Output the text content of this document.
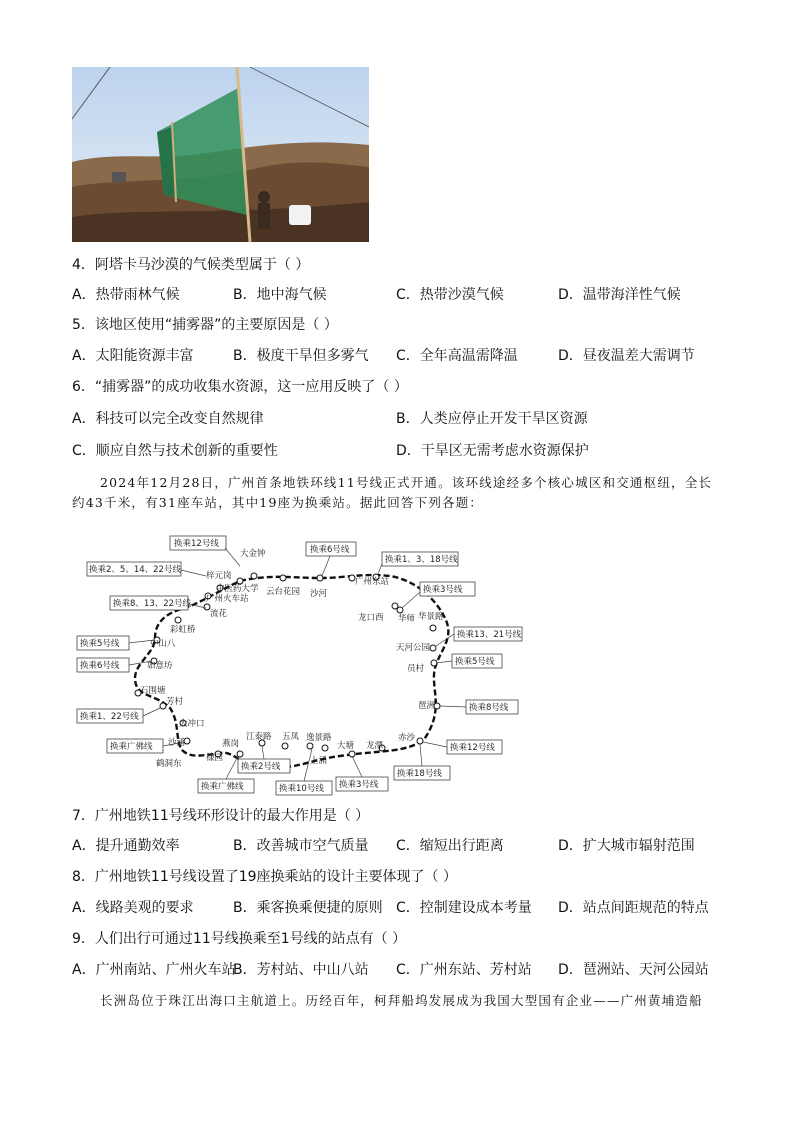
4．阿塔卡马沙漠的气候类型属于（ ）
A．热带雨林气候	B．地中海气候	C．热带沙漠气候	D．温带海洋性气候
5．该地区使用“捕雾器”的主要原因是（ ）
A．太阳能资源丰富	B．极度干旱但多雾气 C．全年高温需降温	D．昼夜温差大需调节
6．“捕雾器”的成功收集水资源，这一应用反映了（ ）
A．科技可以完全改变自然规律	B．人类应停止开发干旱区资源
C．顺应自然与技术创新的重要性	D．干旱区无需考虑水资源保护
2024年12月28日，广州首条地铁环线11号线正式开通。该环线途经多个核心城区和交通枢纽，全长约43千米，有31座车站，其中19座为换乘站。据此回答下列各题：
梓元岗
大金钟
中医药大学
广州火车站
云台花园 沙河
广州东站
龙口西 华师 华景路
天河公园
员村
琶洲
赤沙
龙潭
大塘
上涌
逸景路
五凤
江泰路
燕岗
棣园
鹤洞东
沙涌
大冲口
芳村
石围塘
如意坊
中山八
彩虹桥
流花
换乘12号线
换乘6号线
换乘1、3、18号线
换乘2、5、14、22号线
换乘3号线
换乘8、13、22号线
换乘13、21号线
换乘5号线
换乘5号线
换乘6号线
换乘8号线
换乘1、22号线
换乘12号线
换乘广佛线
换乘18号线
换乘2号线
换乘3号线
换乘广佛线	换乘10号线
7．广州地铁11号线环形设计的最大作用是（ ）
A．提升通勤效率	B．改善城市空气质量 C．缩短出行距离	D．扩大城市辐射范围
8．广州地铁11号线设置了19座换乘站的设计主要体现了（ ）
A．线路美观的要求	B．乘客换乘便捷的原则 C．控制建设成本考量 D．站点间距规范的特点
9．人们出行可通过11号线换乘至1号线的站点有（ ）
A．广州南站、广州火车站
B．芳村站、中山八站 C．广州东站、芳村站 D．琶洲站、天河公园站
长洲岛位于珠江出海口主航道上。历经百年，柯拜船坞发展成为我国大型国有企业——广州黄埔造船
